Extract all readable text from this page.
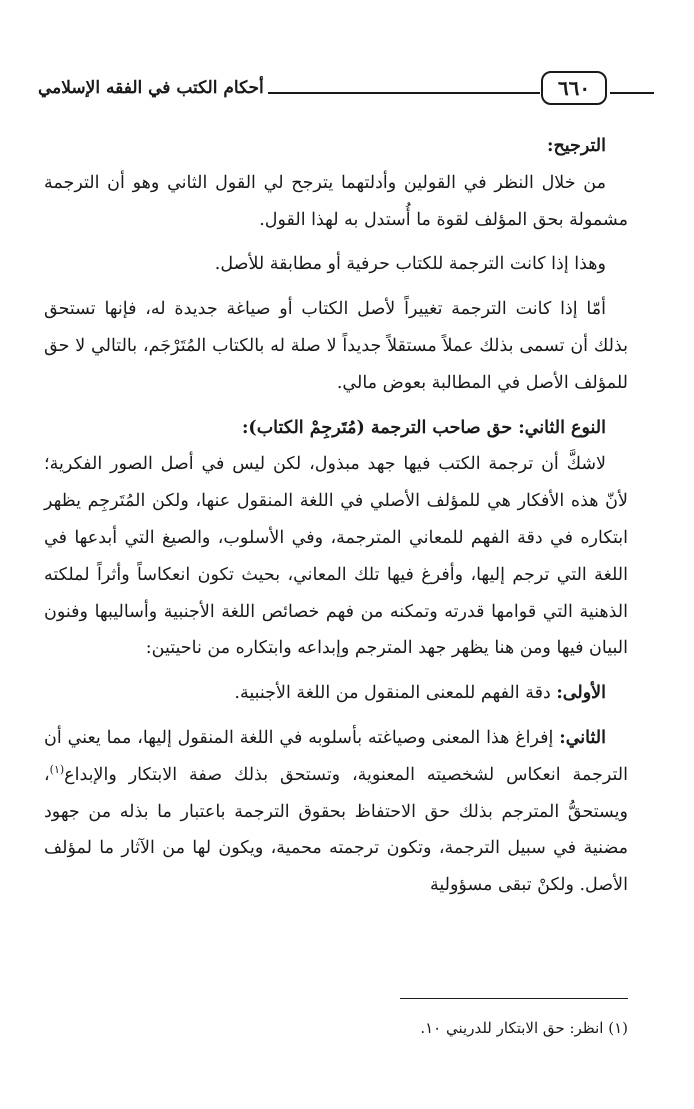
أحكام الكتب في الفقه الإسلامي	٦٦٠

الترجيح:

من خلال النظر في القولين وأدلتهما يترجح لي القول الثاني وهو أن الترجمة مشمولة بحق المؤلف لقوة ما أُستدل به لهذا القول.

وهذا إذا كانت الترجمة للكتاب حرفية أو مطابقة للأصل.

أمّا إذا كانت الترجمة تغييراً لأصل الكتاب أو صياغة جديدة له، فإنها تستحق بذلك أن تسمى بذلك عملاً مستقلاً جديداً لا صلة له بالكتاب المُتَرْجَم، بالتالي لا حق للمؤلف الأصل في المطالبة بعوض مالي.

النوع الثاني: حق صاحب الترجمة (مُتَرجِمْ الكتاب):

لاشكَّ أن ترجمة الكتب فيها جهد مبذول، لكن ليس في أصل الصور الفكرية؛ لأنّ هذه الأفكار هي للمؤلف الأصلي في اللغة المنقول عنها، ولكن المُتَرجِم يظهر ابتكاره في دقة الفهم للمعاني المترجمة، وفي الأسلوب، والصيغ التي أبدعها في اللغة التي ترجم إليها، وأفرغ فيها تلك المعاني، بحيث تكون انعكاساً وأثراً لملكته الذهنية التي قوامها قدرته وتمكنه من فهم خصائص اللغة الأجنبية وأساليبها وفنون البيان فيها ومن هنا يظهر جهد المترجم وإبداعه وابتكاره من ناحيتين:

الأولى: دقة الفهم للمعنى المنقول من اللغة الأجنبية.

الثاني: إفراغ هذا المعنى وصياغته بأسلوبه في اللغة المنقول إليها، مما يعني أن الترجمة انعكاس لشخصيته المعنوية، وتستحق بذلك صفة الابتكار والإبداع$^{(١)}$، ويستحقُّ المترجم بذلك حق الاحتفاظ بحقوق الترجمة باعتبار ما بذله من جهود مضنية في سبيل الترجمة، وتكون ترجمته محمية، ويكون لها من الآثار ما لمؤلف الأصل. ولكنْ تبقى مسؤولية

(١) انظر: حق الابتكار للدريني ١٠.
